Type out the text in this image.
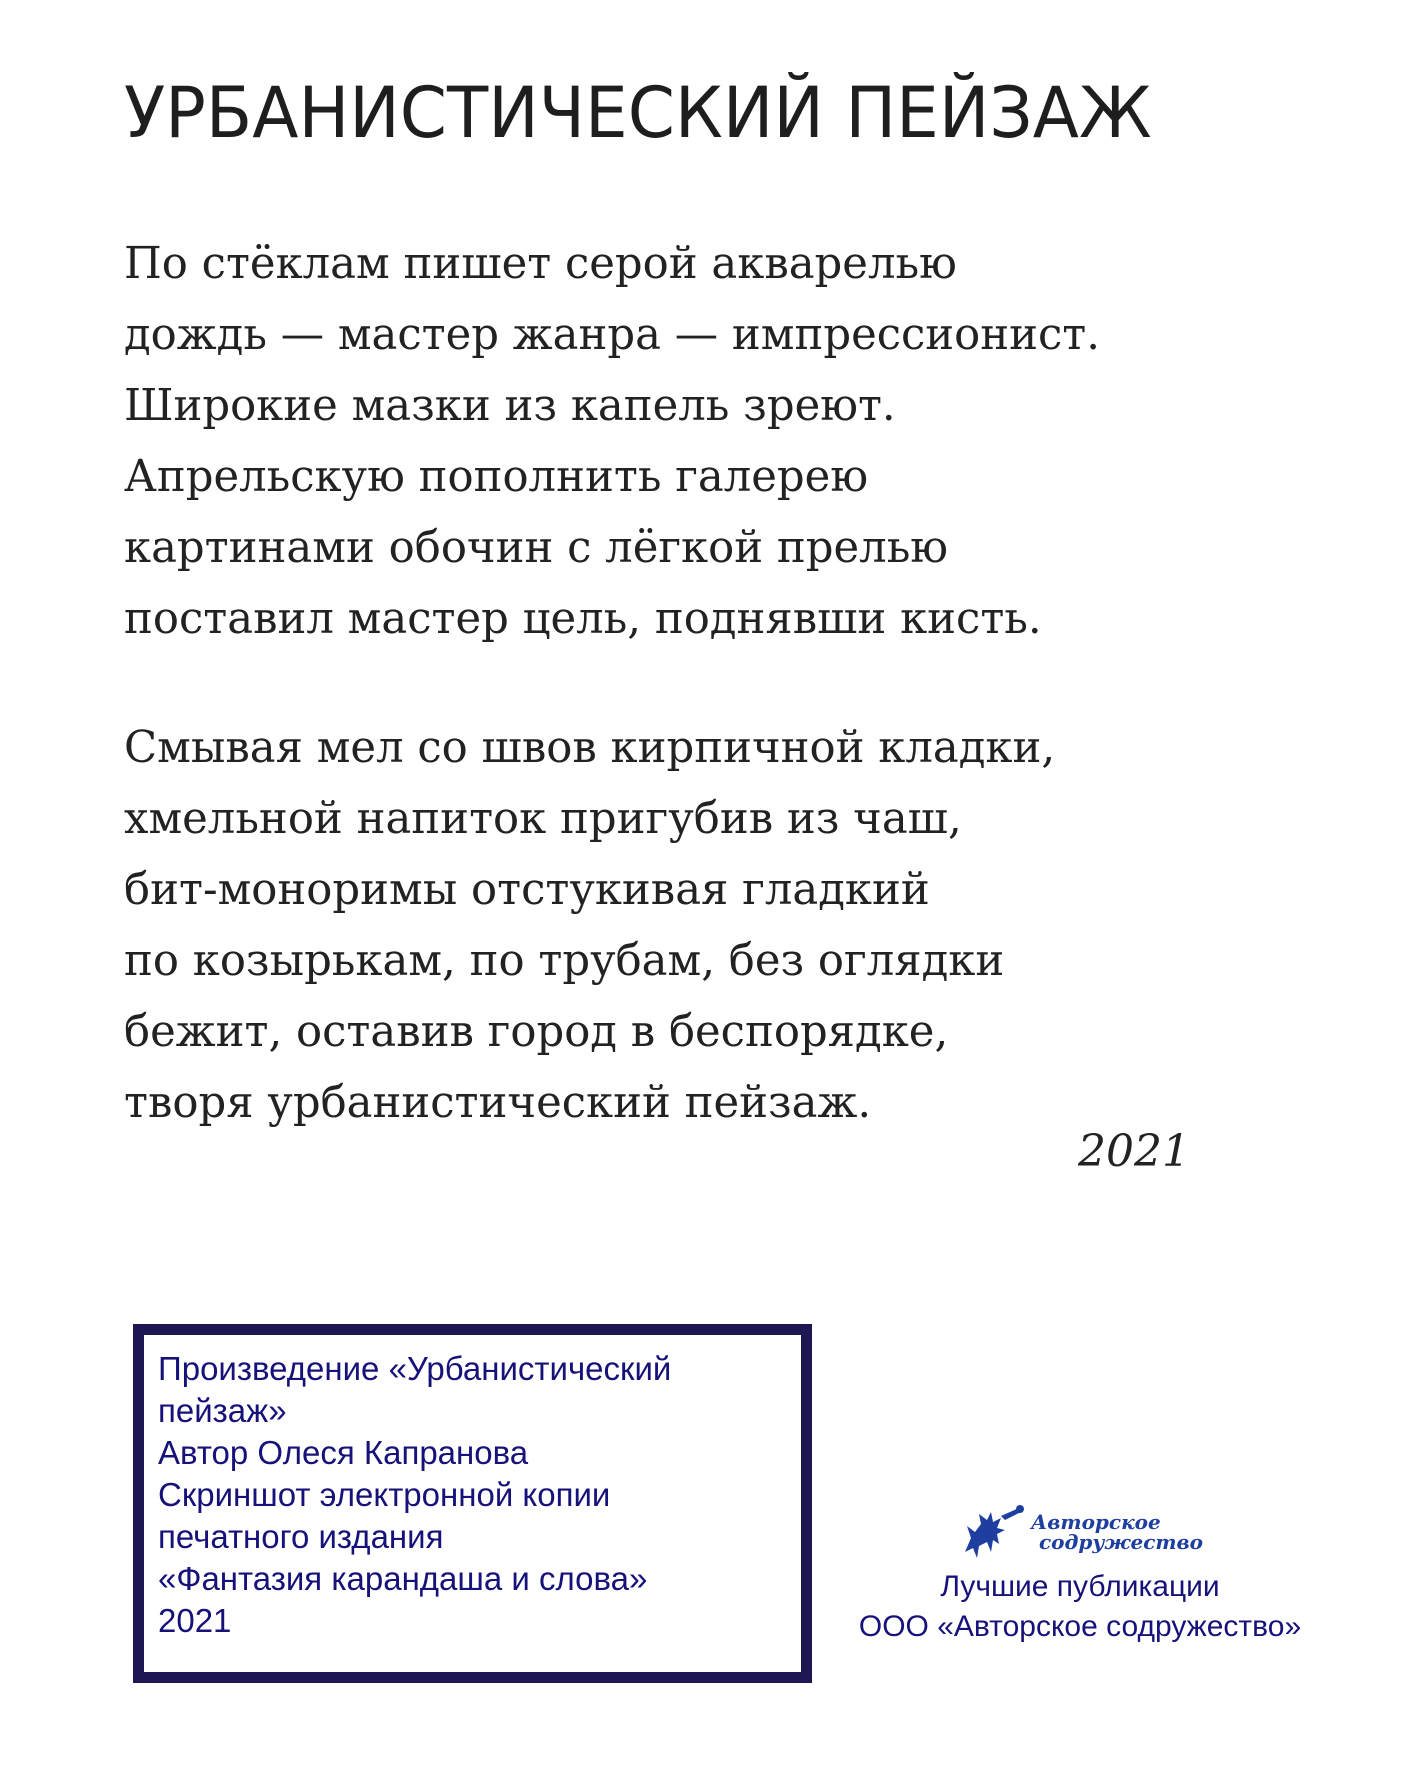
УРБАНИСТИЧЕСКИЙ ПЕЙЗАЖ
По стёклам пишет серой акварелью
дождь — мастер жанра — импрессионист.
Широкие мазки из капель зреют.
Апрельскую пополнить галерею
картинами обочин с лёгкой прелью
поставил мастер цель, поднявши кисть.
Смывая мел со швов кирпичной кладки,
хмельной напиток пригубив из чаш,
бит-моноримы отстукивая гладкий
по козырькам, по трубам, без оглядки
бежит, оставив город в беспорядке,
творя урбанистический пейзаж.
2021
Произведение «Урбанистический
пейзаж»
Автор Олеся Капранова
Скриншот электронной копии
печатного издания
«Фантазия карандаша и слова»
2021
Авторское
содружество
Лучшие публикации
ООО «Авторское содружество»
